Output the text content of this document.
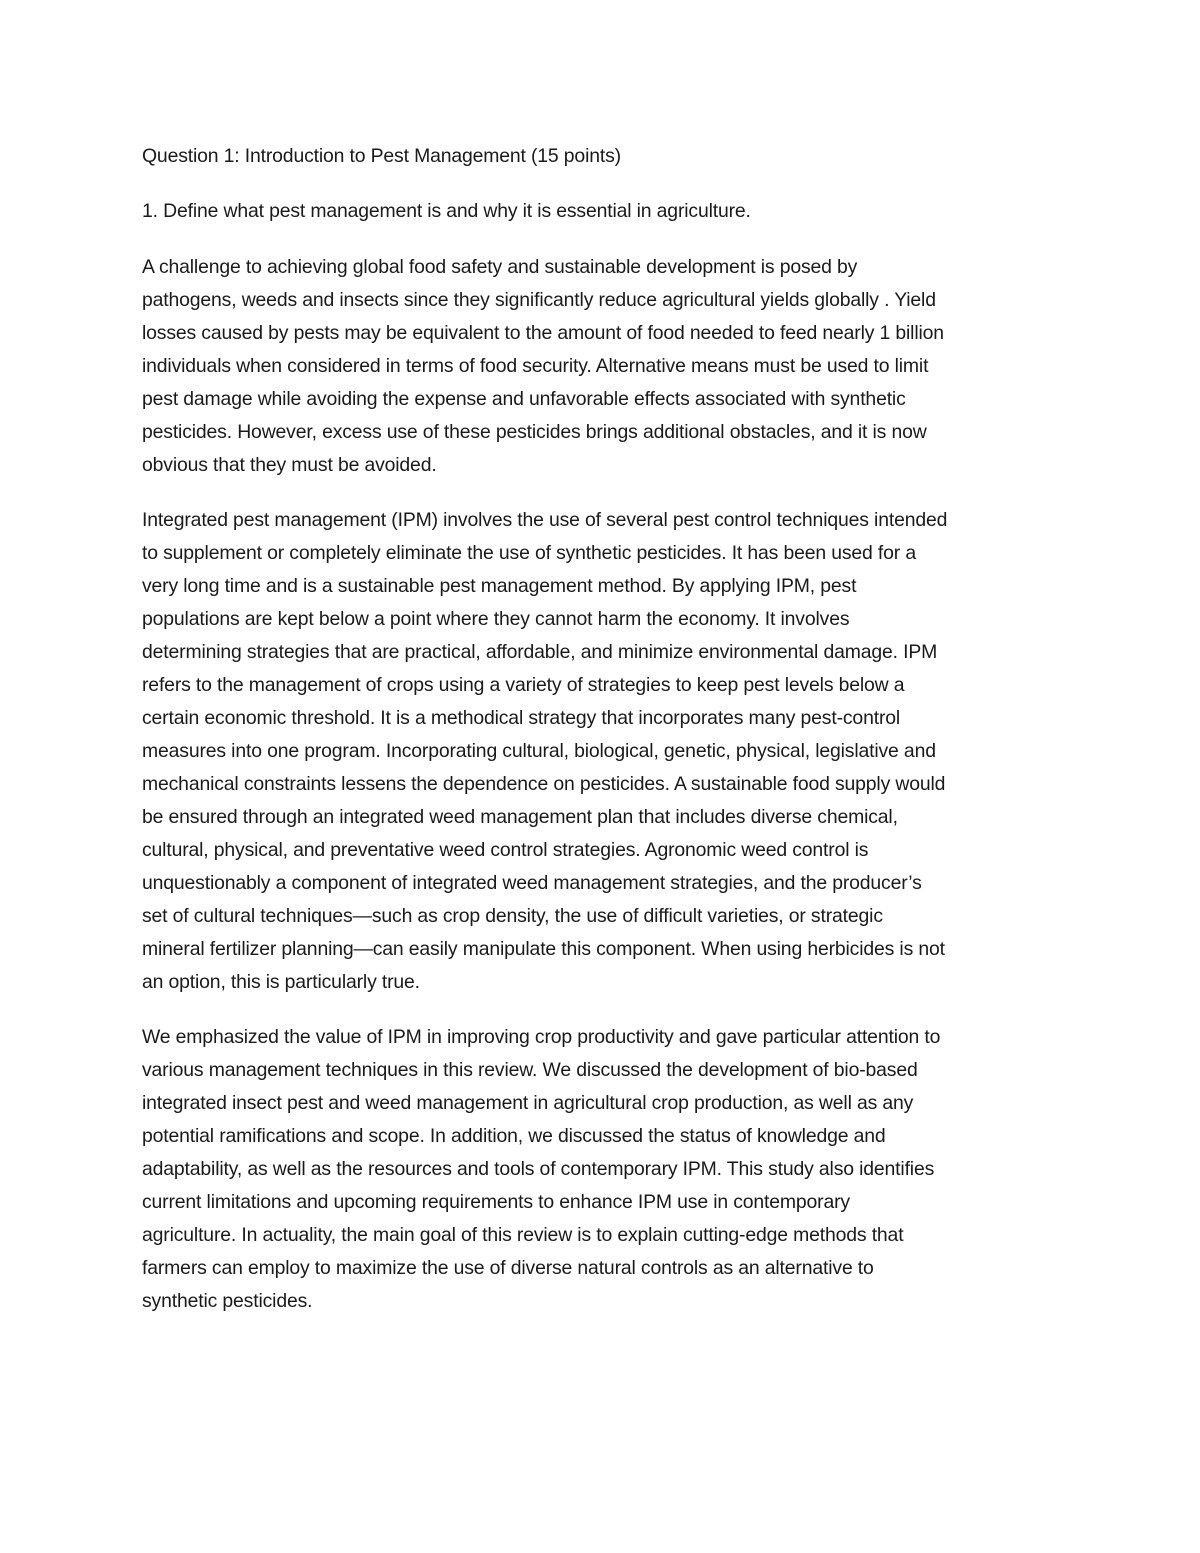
Question 1: Introduction to Pest Management (15 points)
1. Define what pest management is and why it is essential in agriculture.
A challenge to achieving global food safety and sustainable development is posed by
pathogens, weeds and insects since they significantly reduce agricultural yields globally . Yield
losses caused by pests may be equivalent to the amount of food needed to feed nearly 1 billion
individuals when considered in terms of food security. Alternative means must be used to limit
pest damage while avoiding the expense and unfavorable effects associated with synthetic
pesticides. However, excess use of these pesticides brings additional obstacles, and it is now
obvious that they must be avoided.
Integrated pest management (IPM) involves the use of several pest control techniques intended
to supplement or completely eliminate the use of synthetic pesticides. It has been used for a
very long time and is a sustainable pest management method. By applying IPM, pest
populations are kept below a point where they cannot harm the economy. It involves
determining strategies that are practical, affordable, and minimize environmental damage. IPM
refers to the management of crops using a variety of strategies to keep pest levels below a
certain economic threshold. It is a methodical strategy that incorporates many pest-control
measures into one program. Incorporating cultural, biological, genetic, physical, legislative and
mechanical constraints lessens the dependence on pesticides. A sustainable food supply would
be ensured through an integrated weed management plan that includes diverse chemical,
cultural, physical, and preventative weed control strategies. Agronomic weed control is
unquestionably a component of integrated weed management strategies, and the producer’s
set of cultural techniques—such as crop density, the use of difficult varieties, or strategic
mineral fertilizer planning—can easily manipulate this component. When using herbicides is not
an option, this is particularly true.
We emphasized the value of IPM in improving crop productivity and gave particular attention to
various management techniques in this review. We discussed the development of bio-based
integrated insect pest and weed management in agricultural crop production, as well as any
potential ramifications and scope. In addition, we discussed the status of knowledge and
adaptability, as well as the resources and tools of contemporary IPM. This study also identifies
current limitations and upcoming requirements to enhance IPM use in contemporary
agriculture. In actuality, the main goal of this review is to explain cutting-edge methods that
farmers can employ to maximize the use of diverse natural controls as an alternative to
synthetic pesticides.
